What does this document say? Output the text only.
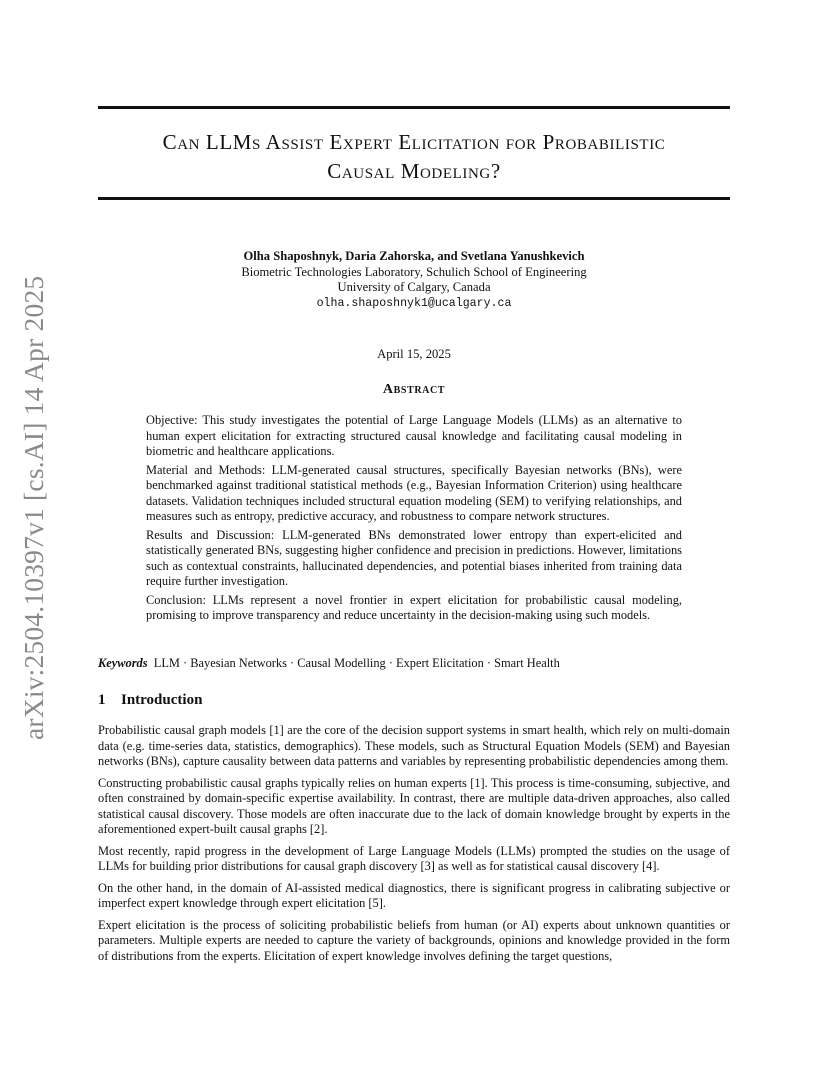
arXiv:2504.10397v1 [cs.AI] 14 Apr 2025
Can LLMs Assist Expert Elicitation for Probabilistic
Causal Modeling?
Olha Shaposhnyk, Daria Zahorska, and Svetlana Yanushkevich
Biometric Technologies Laboratory, Schulich School of Engineering
University of Calgary, Canada
olha.shaposhnyk1@ucalgary.ca
April 15, 2025
Abstract

Objective: This study investigates the potential of Large Language Models (LLMs) as an alternative to human expert elicitation for extracting structured causal knowledge and facilitating causal modeling in biometric and healthcare applications.

Material and Methods: LLM-generated causal structures, specifically Bayesian networks (BNs), were benchmarked against traditional statistical methods (e.g., Bayesian Information Criterion) using healthcare datasets. Validation techniques included structural equation modeling (SEM) to verifying relationships, and measures such as entropy, predictive accuracy, and robustness to compare network structures.

Results and Discussion: LLM-generated BNs demonstrated lower entropy than expert-elicited and statistically generated BNs, suggesting higher confidence and precision in predictions. However, limitations such as contextual constraints, hallucinated dependencies, and potential biases inherited from training data require further investigation.

Conclusion: LLMs represent a novel frontier in expert elicitation for probabilistic causal modeling, promising to improve transparency and reduce uncertainty in the decision-making using such models.

Keywords LLM · Bayesian Networks · Causal Modelling · Expert Elicitation · Smart Health
1 Introduction

Probabilistic causal graph models [1] are the core of the decision support systems in smart health, which rely on multi-domain data (e.g. time-series data, statistics, demographics). These models, such as Structural Equation Models (SEM) and Bayesian networks (BNs), capture causality between data patterns and variables by representing probabilistic dependencies among them.

Constructing probabilistic causal graphs typically relies on human experts [1]. This process is time-consuming, subjective, and often constrained by domain-specific expertise availability. In contrast, there are multiple data-driven approaches, also called statistical causal discovery. Those models are often inaccurate due to the lack of domain knowledge brought by experts in the aforementioned expert-built causal graphs [2].

Most recently, rapid progress in the development of Large Language Models (LLMs) prompted the studies on the usage of LLMs for building prior distributions for causal graph discovery [3] as well as for statistical causal discovery [4].

On the other hand, in the domain of AI-assisted medical diagnostics, there is significant progress in calibrating subjective or imperfect expert knowledge through expert elicitation [5].

Expert elicitation is the process of soliciting probabilistic beliefs from human (or AI) experts about unknown quantities or parameters. Multiple experts are needed to capture the variety of backgrounds, opinions and knowledge provided in the form of distributions from the experts. Elicitation of expert knowledge involves defining the target questions,
